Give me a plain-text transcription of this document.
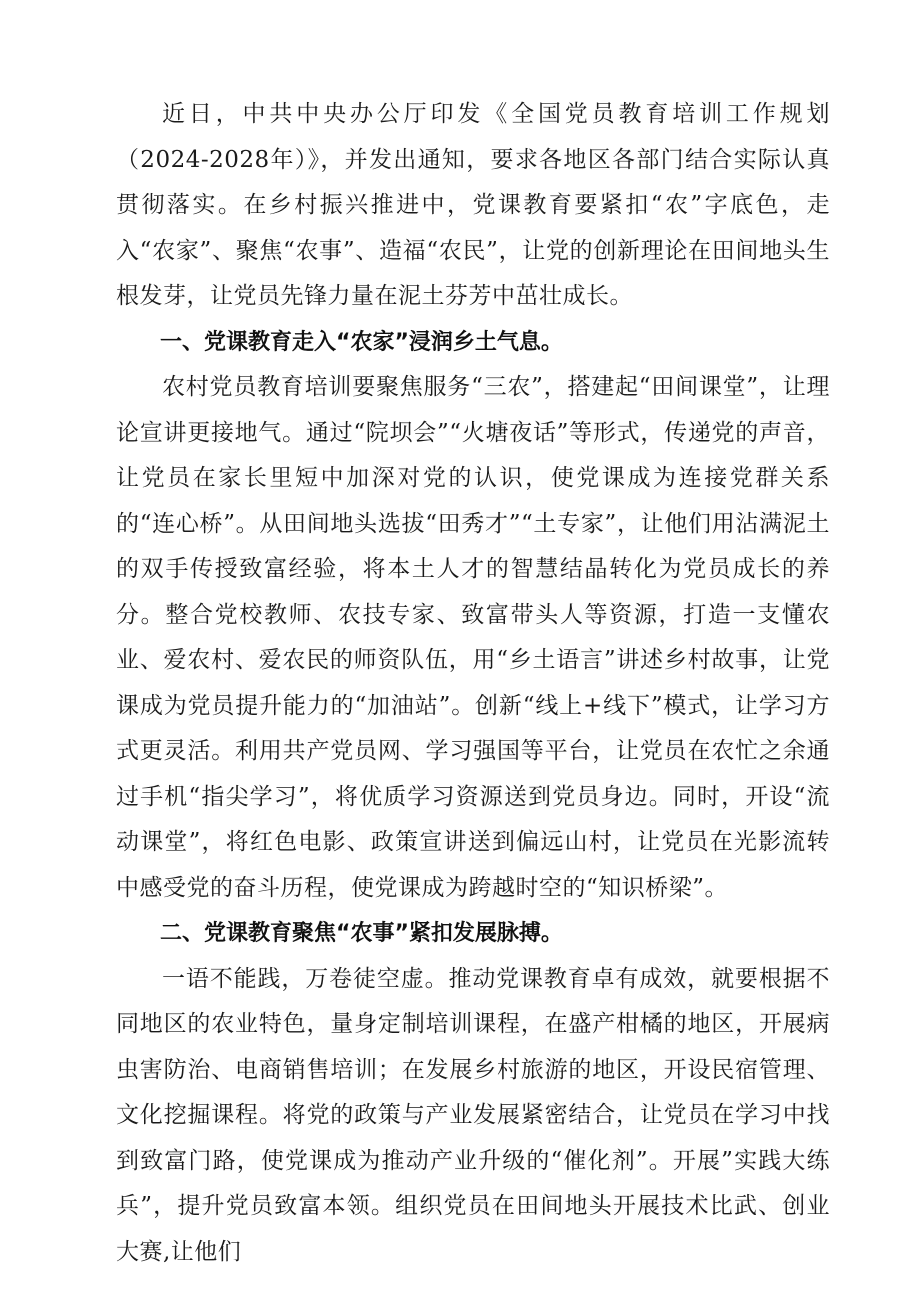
近日，中共中央办公厅印发《全国党员教育培训工作规划（2024-2028年）》，并发出通知，要求各地区各部门结合实际认真贯彻落实。在乡村振兴推进中，党课教育要紧扣“农”字底色，走入“农家”、聚焦“农事”、造福“农民”，让党的创新理论在田间地头生根发芽，让党员先锋力量在泥土芬芳中茁壮成长。

一、党课教育走入“农家”浸润乡土气息。

农村党员教育培训要聚焦服务“三农”，搭建起“田间课堂”，让理论宣讲更接地气。通过“院坝会”“火塘夜话”等形式，传递党的声音，让党员在家长里短中加深对党的认识，使党课成为连接党群关系的“连心桥”。从田间地头选拔“田秀才”“土专家”，让他们用沾满泥土的双手传授致富经验，将本土人才的智慧结晶转化为党员成长的养分。整合党校教师、农技专家、致富带头人等资源，打造一支懂农业、爱农村、爱农民的师资队伍，用“乡土语言”讲述乡村故事，让党课成为党员提升能力的“加油站”。创新“线上+线下”模式，让学习方式更灵活。利用共产党员网、学习强国等平台，让党员在农忙之余通过手机“指尖学习”，将优质学习资源送到党员身边。同时，开设“流动课堂”，将红色电影、政策宣讲送到偏远山村，让党员在光影流转中感受党的奋斗历程，使党课成为跨越时空的“知识桥梁”。

二、党课教育聚焦“农事”紧扣发展脉搏。

一语不能践，万卷徒空虚。推动党课教育卓有成效，就要根据不同地区的农业特色，量身定制培训课程，在盛产柑橘的地区，开展病虫害防治、电商销售培训；在发展乡村旅游的地区，开设民宿管理、文化挖掘课程。将党的政策与产业发展紧密结合，让党员在学习中找到致富门路，使党课成为推动产业升级的“催化剂”。开展”实践大练兵”，提升党员致富本领。组织党员在田间地头开展技术比武、创业大赛,让他们
